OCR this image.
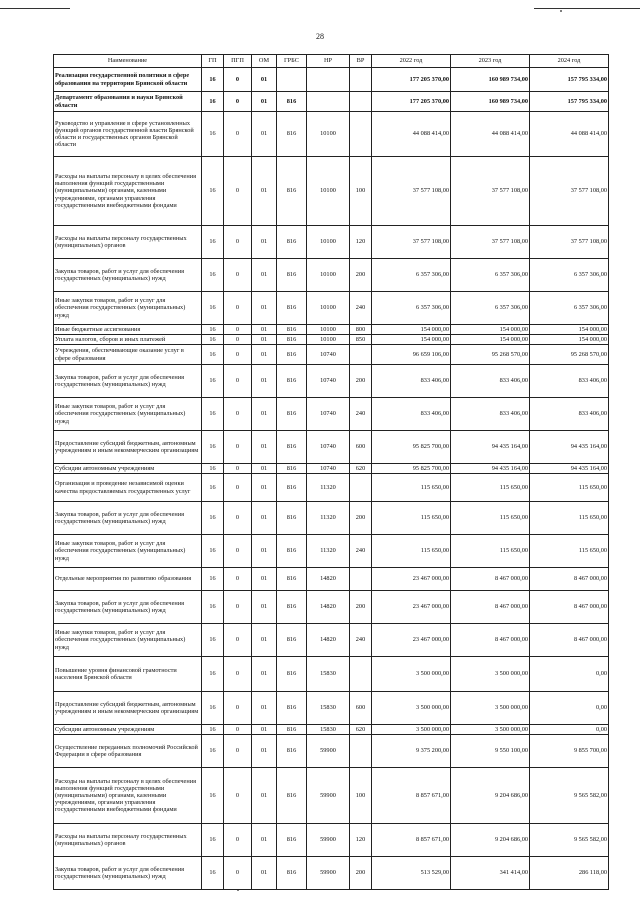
28
Наименование	ГП	ПГП	ОМ	ГРБС	НР	ВР	2022 год	2023 год	2024 год
Реализация государственной политики в сфере образования на территории Брянской области	16	0	01				177 205 370,00	160 989 734,00	157 795 334,00
Департамент образования и науки Брянской области	16	0	01	816			177 205 370,00	160 989 734,00	157 795 334,00
Руководство и управление в сфере установленных функций органов государственной власти Брянской области и государственных органов Брянской области	16	0	01	816	10100		44 088 414,00	44 088 414,00	44 088 414,00
Расходы на выплаты персоналу в целях обеспечения выполнения функций государственными (муниципальными) органами, казенными учреждениями, органами управления государственными внебюджетными фондами	16	0	01	816	10100	100	37 577 108,00	37 577 108,00	37 577 108,00
Расходы на выплаты персоналу государственных (муниципальных) органов	16	0	01	816	10100	120	37 577 108,00	37 577 108,00	37 577 108,00
Закупка товаров, работ и услуг для обеспечения государственных (муниципальных) нужд	16	0	01	816	10100	200	6 357 306,00	6 357 306,00	6 357 306,00
Иные закупки товаров, работ и услуг для обеспечения государственных (муниципальных) нужд	16	0	01	816	10100	240	6 357 306,00	6 357 306,00	6 357 306,00
Иные бюджетные ассигнования	16	0	01	816	10100	800	154 000,00	154 000,00	154 000,00
Уплата налогов, сборов и иных платежей	16	0	01	816	10100	850	154 000,00	154 000,00	154 000,00
Учреждения, обеспечивающие оказание услуг в сфере образования	16	0	01	816	10740		96 659 106,00	95 268 570,00	95 268 570,00
Закупка товаров, работ и услуг для обеспечения государственных (муниципальных) нужд	16	0	01	816	10740	200	833 406,00	833 406,00	833 406,00
Иные закупки товаров, работ и услуг для обеспечения государственных (муниципальных) нужд	16	0	01	816	10740	240	833 406,00	833 406,00	833 406,00
Предоставление субсидий бюджетным, автономным учреждениям и иным некоммерческим организациям	16	0	01	816	10740	600	95 825 700,00	94 435 164,00	94 435 164,00
Субсидии автономным учреждениям	16	0	01	816	10740	620	95 825 700,00	94 435 164,00	94 435 164,00
Организация и проведение независимой оценки качества предоставляемых государственных услуг	16	0	01	816	11320		115 650,00	115 650,00	115 650,00
Закупка товаров, работ и услуг для обеспечения государственных (муниципальных) нужд	16	0	01	816	11320	200	115 650,00	115 650,00	115 650,00
Иные закупки товаров, работ и услуг для обеспечения государственных (муниципальных) нужд	16	0	01	816	11320	240	115 650,00	115 650,00	115 650,00
Отдельные мероприятия по развитию образования	16	0	01	816	14820		23 467 000,00	8 467 000,00	8 467 000,00
Закупка товаров, работ и услуг для обеспечения государственных (муниципальных) нужд	16	0	01	816	14820	200	23 467 000,00	8 467 000,00	8 467 000,00
Иные закупки товаров, работ и услуг для обеспечения государственных (муниципальных) нужд	16	0	01	816	14820	240	23 467 000,00	8 467 000,00	8 467 000,00
Повышение уровня финансовой грамотности населения Брянской области	16	0	01	816	15830		3 500 000,00	3 500 000,00	0,00
Предоставление субсидий бюджетным, автономным учреждениям и иным некоммерческим организациям	16	0	01	816	15830	600	3 500 000,00	3 500 000,00	0,00
Субсидии автономным учреждениям	16	0	01	816	15830	620	3 500 000,00	3 500 000,00	0,00
Осуществление переданных полномочий Российской Федерации в сфере образования	16	0	01	816	59900		9 375 200,00	9 550 100,00	9 855 700,00
Расходы на выплаты персоналу в целях обеспечения выполнения функций государственными (муниципальными) органами, казенными учреждениями, органами управления государственными внебюджетными фондами	16	0	01	816	59900	100	8 857 671,00	9 204 686,00	9 565 582,00
Расходы на выплаты персоналу государственных (муниципальных) органов	16	0	01	816	59900	120	8 857 671,00	9 204 686,00	9 565 582,00
Закупка товаров, работ и услуг для обеспечения государственных (муниципальных) нужд	16	0	01	816	59900	200	513 529,00	341 414,00	286 118,00
